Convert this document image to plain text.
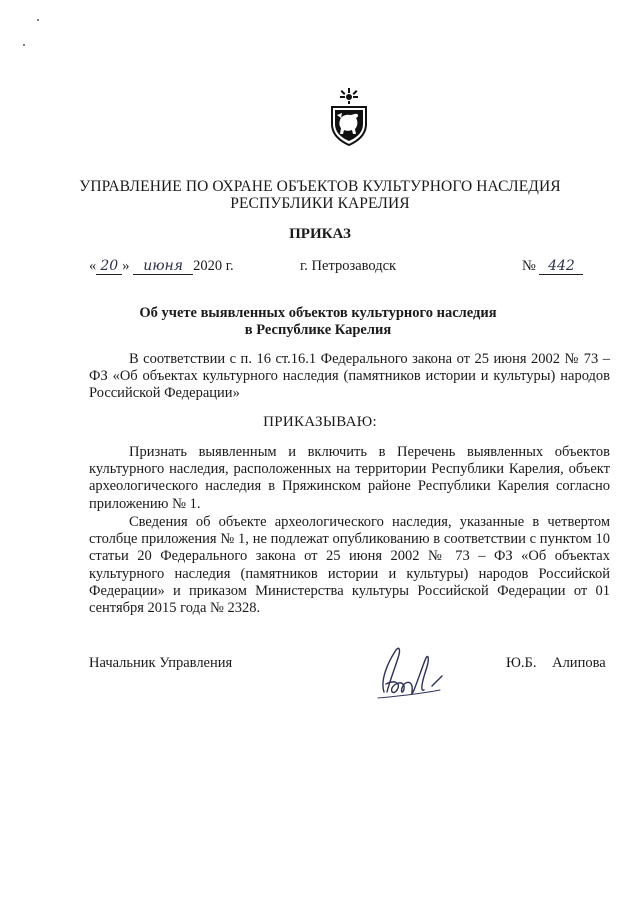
УПРАВЛЕНИЕ ПО ОХРАНЕ ОБЪЕКТОВ КУЛЬТУРНОГО НАСЛЕДИЯ
РЕСПУБЛИКИ КАРЕЛИЯ
ПРИКАЗ
« 20 » июня 2020 г.	г. Петрозаводск	№ 442
Об учете выявленных объектов культурного наследия
в Республике Карелия
В соответствии с п. 16 ст.16.1 Федерального закона от 25 июня 2002 № 73 – ФЗ «Об объектах культурного наследия (памятников истории и культуры) народов Российской Федерации»
ПРИКАЗЫВАЮ:
Признать выявленным и включить в Перечень выявленных объектов культурного наследия, расположенных на территории Республики Карелия, объект археологического наследия в Пряжинском районе Республики Карелия согласно приложению № 1.
Сведения об объекте археологического наследия, указанные в четвертом столбце приложения № 1, не подлежат опубликованию в соответствии с пунктом 10 статьи 20 Федерального закона от 25 июня 2002 № 73 – ФЗ «Об объектах культурного наследия (памятников истории и культуры) народов Российской Федерации» и приказом Министерства культуры Российской Федерации от 01 сентября 2015 года № 2328.
Начальник Управления	Ю.Б. Алипова
